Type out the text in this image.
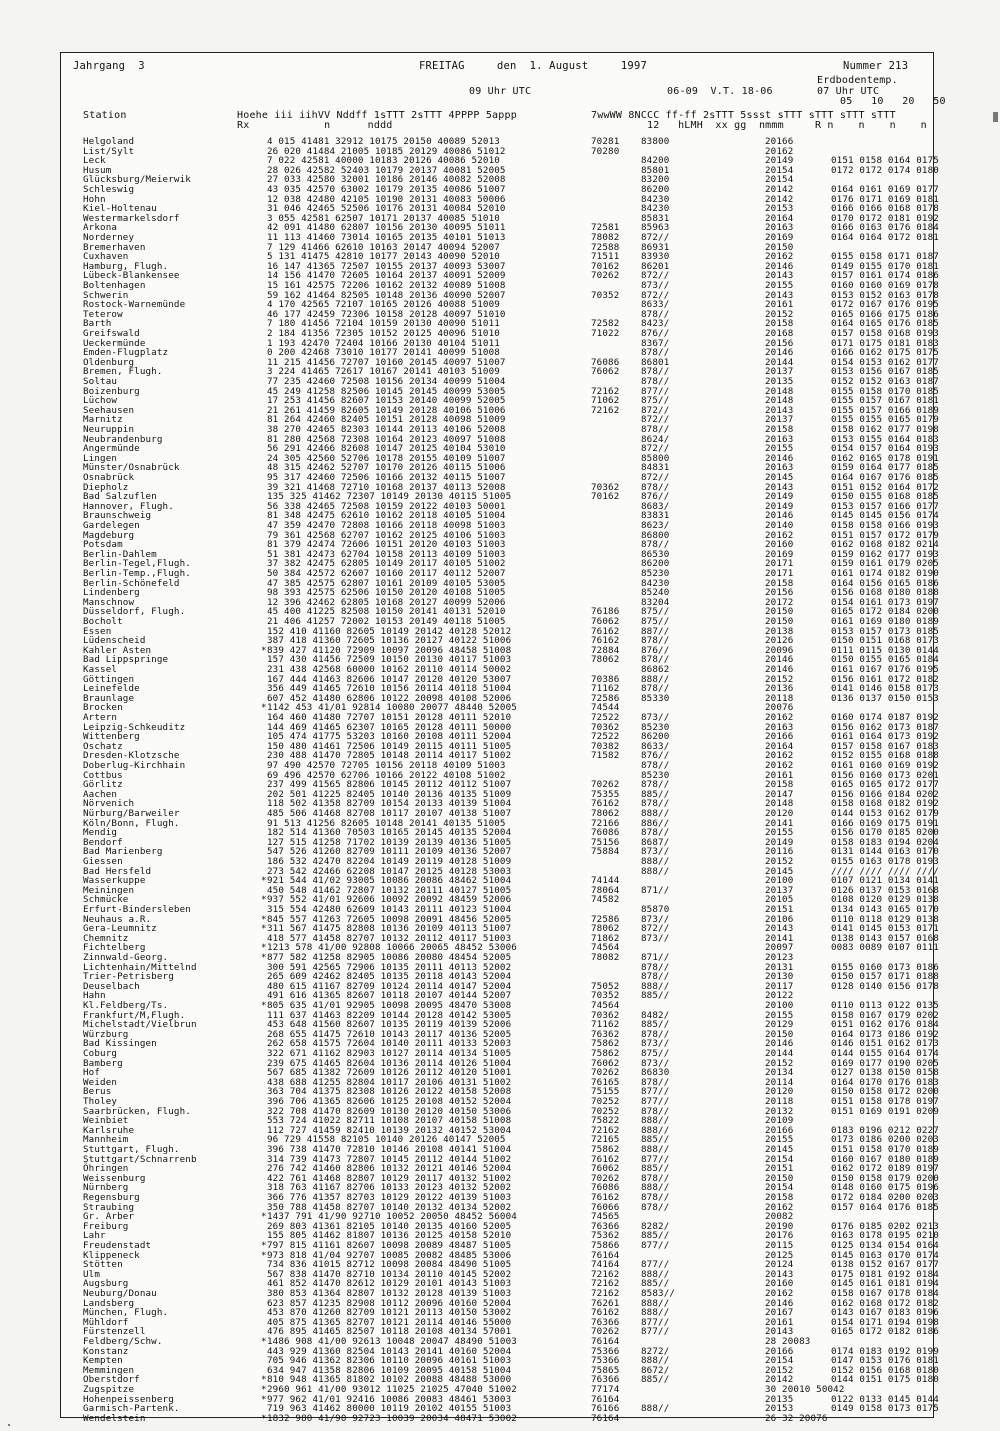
Jahrgang  3	FREITAG	den  1. August     1997	Nummer 213
Erdbodentemp.
09 Uhr UTC	06-09  V.T. 18-06	07 Uhr UTC
05   10   20   50
Station	Hoehe iii iihVV Nddff 1sTTT 2sTTT 4PPPP 5appp
Rx            n      nddd
7wwWW 8NCCC ff-ff 2sTTT 5ssst sTTT sTTT sTTT sTTT
12   hLMH  xx gg  nmmm     R n    n    n    n
Helgoland	4 015 41481 32912 10175 20150 40089 52013	70281 83800	20166
List/Sylt	26 020 41484 21005 10185 20129 40086 51012	70280	20162
Leck	7 022 42581 40000 10183 20126 40086 52010	84200	20149	0151 0158 0164 0175
Husum	28 026 42582 52403 10179 20137 40081 52005	85801	20154	0172 0172 0174 0180
Glücksburg/Meierwik	27 033 42580 32001 10186 20146 40082 52008	83200	20154
Schleswig	43 035 42570 63002 10179 20135 40086 51007	86200	20142	0164 0161 0169 0177
Hohn	12 038 42480 42105 10190 20131 40083 50006	84230	20142	0176 0171 0169 0181
Kiel-Holtenau	31 046 42465 52506 10176 20131 40084 52010	84230	20153	0166 0166 0168 0178
Westermarkelsdorf	3 055 42581 62507 10171 20137 40085 51010	85831	20164	0170 0172 0181 0192
Arkona	42 091 41480 62807 10156 20130 40095 51011	72581 85963	20163	0166 0163 0176 0184
Norderney	11 113 41460 73014 10165 20135 40101 51013	78082 872//	20169	0164 0164 0172 0181
Bremerhaven	7 129 41466 62610 10163 20147 40094 52007	72588 86931	20150
Cuxhaven	5 131 41475 42810 10177 20143 40090 52010	71511 83930	20162	0155 0158 0171 0187
Hamburg, Flugh.	16 147 41365 72507 10155 20137 40093 53007	70162 86201	20146	0149 0155 0170 0181
Lübeck-Blankensee	14 156 41470 72605 10164 20137 40091 52009	70262 872//	20143	0157 0161 0174 0186
Boltenhagen	15 161 42575 72206 10162 20132 40089 51008	873//	20155	0160 0160 0169 0178
Schwerin	59 162 41464 82505 10148 20136 40090 52007	70352 872//	20143	0153 0152 0163 0178
Rostock-Warnemünde	4 170 42565 72107 10165 20126 40088 51009	8633/	20161	0172 0167 0176 0195
Teterow	46 177 42459 72306 10158 20128 40097 51010	878//	20152	0165 0166 0175 0186
Barth	7 180 41456 72104 10159 20130 40090 51011	72582 8423/	20158	0164 0165 0176 0185
Greifswald	2 184 41356 72305 10152 20125 40096 51010	71022 876//	20168	0157 0158 0168 0193
Ueckermünde	1 193 42470 72404 10166 20130 40104 51011	8367/	20156	0171 0175 0181 0183
Emden-Flugplatz	0 200 42468 73010 10177 20141 40099 51008	878//	20146	0166 0162 0175 0175
Oldenburg	11 215 41456 72707 10160 20145 40097 51007	76086 86801	20144	0154 0153 0162 0177
Bremen, Flugh.	3 224 41465 72617 10167 20141 40103 51009	76062 878//	20137	0153 0156 0167 0185
Soltau	77 235 42460 72508 10156 20134 40099 51004	878//	20135	0152 0152 0163 0187
Boizenburg	45 249 41258 82506 10145 20145 40099 53005	72162 877//	20148	0155 0158 0170 0185
Lüchow	17 253 41456 82607 10153 20140 40099 52005	71062 875//	20148	0155 0157 0167 0181
Seehausen	21 261 41459 82605 10149 20128 40106 51006	72162 872//	20143	0155 0157 0166 0189
Marnitz	81 264 42460 82405 10151 20128 40098 51009	872//	20137	0155 0155 0165 0179
Neuruppin	38 270 42465 82303 10144 20113 40106 52008	878//	20158	0158 0162 0177 0198
Neubrandenburg	81 280 42568 72308 10164 20123 40097 51008	8624/	20163	0153 0155 0164 0183
Angermünde	56 291 42466 82608 10147 20125 40104 53010	872//	20155	0154 0157 0164 0193
Lingen	24 305 42560 52706 10178 20155 40109 51007	85800	20146	0162 0165 0178 0191
Münster/Osnabrück	48 315 42462 52707 10170 20126 40115 51006	84831	20163	0159 0164 0177 0185
Osnabrück	95 317 42460 72506 10166 20132 40115 51007	872//	20145	0164 0167 0176 0185
Diepholz	39 321 41468 72710 10168 20137 40113 52008	70362 878//	20143	0151 0152 0164 0172
Bad Salzuflen	135 325 41462 72307 10149 20130 40115 51005	70162 876//	20149	0150 0155 0168 0185
Hannover, Flugh.	56 338 42465 72508 10159 20122 40103 50001	8683/	20149	0153 0157 0166 0177
Braunschweig	81 348 42475 62610 10162 20118 40105 51004	83831	20146	0145 0145 0156 0174
Gardelegen	47 359 42470 72808 10166 20118 40098 51003	8623/	20140	0158 0158 0166 0193
Magdeburg	79 361 42568 62707 10162 20125 40106 51003	86800	20162	0151 0157 0172 0179
Potsdam	81 379 42474 72606 10151 20120 40103 51003	878//	20160	0162 0168 0182 0214
Berlin-Dahlem	51 381 42473 62704 10158 20113 40109 51003	86530	20169	0159 0162 0177 0193
Berlin-Tegel,Flugh.	37 382 42475 62805 10149 20117 40105 51002	86200	20171	0159 0161 0179 0205
Berlin-Temp.,Flugh.	50 384 42572 62607 10160 20117 40112 52007	85230	20171	0161 0174 0182 0190
Berlin-Schönefeld	47 385 42575 62807 10161 20109 40105 53005	84230	20158	0164 0156 0165 0186
Lindenberg	98 393 42575 62506 10150 20120 40108 51005	85240	20156	0156 0168 0180 0188
Manschnow	12 396 42462 62805 10168 20127 40099 52006	83204	20172	0154 0161 0173 0197
Düsseldorf, Flugh.	45 400 41225 82508 10150 20141 40131 52010	76186 875//	20150	0165 0172 0184 0200
Bocholt	21 406 41257 72002 10153 20149 40118 51005	76062 875//	20150	0161 0169 0180 0189
Essen	152 410 41160 82605 10149 20142 40128 52012	76162 887//	20138	0153 0157 0173 0185
Lüdenscheid	387 418 41360 72605 10136 20127 40122 51006	76162 878//	20126	0150 0151 0168 0173
Kahler Asten	* 839 427 41120 72909 10097 20096 48458 51008	72884 876//	20096	0111 0115 0130 0144
Bad Lippspringe	157 430 41456 72509 10150 20130 40117 51003	78062 878//	20146	0150 0155 0165 0184
Kassel	231 438 42568 60000 10162 20110 40114 50002	86862	20146	0161 0167 0176 0195
Göttingen	167 444 41463 82606 10147 20120 40120 53007	70386 888//	20152	0156 0161 0172 0182
Leinefelde	356 449 41465 72610 10156 20114 40118 51004	71162 878//	20136	0141 0146 0158 0173
Braunlage	607 452 41480 62806 10122 20098 40108 52006	72586 85330	20118	0136 0137 0150 0153
Brocken	* 1142 453 41/01 92814 10080 20077 48440 52005	74544	20076
Artern	164 460 41480 72707 10151 20128 40111 52010	72522 873//	20162	0160 0174 0187 0192
Leipzig-Schkeuditz	144 469 41465 62307 10165 20128 40111 50000	70362 85230	20163	0156 0162 0173 0187
Wittenberg	105 474 41775 53203 10160 20108 40111 52004	72522 86200	20166	0161 0164 0173 0192
Oschatz	150 480 41461 72506 10149 20115 40111 51005	70382 8633/	20164	0157 0158 0167 0183
Dresden-Klotzsche	230 488 41470 72805 10148 20114 40117 51002	71582 876//	20162	0152 0155 0168 0188
Doberlug-Kirchhain	97 490 42570 72705 10156 20118 40109 51003	878//	20162	0161 0160 0169 0192
Cottbus	69 496 42570 62706 10166 20122 40108 51002	85230	20161	0156 0160 0173 0201
Görlitz	237 499 41565 82806 10145 20112 40112 51007	70262 878//	20158	0165 0165 0172 0177
Aachen	202 501 41225 82405 10140 20136 40135 51009	75355 885//	20147	0156 0166 0184 0202
Nörvenich	118 502 41358 82709 10154 20133 40139 51004	76162 878//	20148	0158 0168 0182 0192
Nürburg/Barweiler	485 506 41468 82708 10117 20107 40138 51007	78062 888//	20120	0144 0153 0162 0179
Köln/Bonn, Flugh.	91 513 41256 82605 10148 20141 40135 51005	72166 886//	20141	0166 0169 0175 0191
Mendig	182 514 41360 70503 10165 20145 40135 52004	76086 878//	20155	0156 0170 0185 0200
Bendorf	127 515 41258 71702 10139 20139 40136 51005	75156 8687/	20149	0158 0183 0194 0204
Bad Marienberg	547 526 41260 82709 10111 20109 40136 52007	75884 873//	20116	0131 0144 0163 0170
Giessen	186 532 42470 82204 10149 20119 40128 51009	888//	20152	0155 0163 0178 0193
Bad Hersfeld	273 542 42466 62208 10147 20125 40128 53003	888//	20145	//// //// //// ////
Wasserkuppe	* 921 544 41/02 93005 10086 20086 48462 51004	74144	20100	0107 0121 0134 0141
Meiningen	450 548 41462 72807 10132 20111 40127 51005	78064 871//	20137	0126 0137 0153 0168
Schmücke	* 937 552 41/01 92606 10092 20092 48459 52006	74582	20105	0108 0120 0129 0138
Erfurt-Bindersleben	315 554 42480 62609 10143 20111 40123 51004	85870	20151	0134 0143 0165 0170
Neuhaus a.R.	* 845 557 41263 72605 10098 20091 48456 52005	72586 873//	20106	0110 0118 0129 0138
Gera-Leumnitz	* 311 567 41475 82808 10136 20109 40113 51007	78062 872//	20143	0141 0145 0153 0171
Chemnitz	418 577 41458 82707 10132 20112 40117 51003	71862 873//	20141	0138 0143 0157 0168
Fichtelberg	* 1213 578 41/00 92808 10066 20065 48452 53006	74564	20097	0083 0089 0107 0111
Zinnwald-Georg.	* 877 582 41258 82905 10086 20080 48454 52005	78082 871//	20123
Lichtenhain/Mittelnd	300 591 42565 72906 10135 20111 40113 52002	878//	20131	0155 0160 0173 0186
Trier-Petrisberg	265 609 42462 82405 10135 20118 40143 52004	878//	20130	0150 0157 0171 0188
Deuselbach	480 615 41167 82709 10124 20114 40147 52004	75052 888//	20117	0128 0140 0156 0178
Hahn	491 616 41365 82607 10118 20107 40144 52007	70352 885//	20122
Kl.Feldberg/Ts.	* 805 635 41/01 92905 10098 20095 48470 53008	74564	20100	0110 0113 0122 0135
Frankfurt/M,Flugh.	111 637 41463 82209 10144 20128 40142 53005	70362 8482/	20155	0158 0167 0179 0202
Michelstadt/Vielbrun	453 648 41560 82607 10135 20119 40139 52006	71162 885//	20129	0151 0162 0176 0184
Würzburg	268 655 41475 72610 10143 20117 40136 52005	76362 878//	20150	0164 0173 0186 0192
Bad Kissingen	262 658 41575 72604 10140 20111 40133 52003	75862 873//	20146	0146 0151 0162 0173
Coburg	322 671 41162 82903 10127 20114 40134 51005	75862 875//	20144	0144 0155 0164 0174
Bamberg	239 675 41465 82604 10136 20114 40126 51004	76062 873//	20152	0169 0177 0190 0205
Hof	567 685 41382 72609 10126 20112 40120 51001	70262 86830	20134	0127 0138 0150 0158
Weiden	438 688 41255 82804 10117 20106 40131 51002	76165 878//	20114	0164 0170 0176 0183
Berus	363 704 41375 82308 10126 20122 40158 52008	75155 877//	20120	0150 0158 0172 0200
Tholey	396 706 41365 82606 10125 20108 40152 52004	70252 877//	20118	0151 0158 0178 0197
Saarbrücken, Flugh.	322 708 41470 82609 10130 20120 40150 53006	70252 878//	20132	0151 0169 0191 0209
Weinbiet	553 724 41022 82711 10108 20107 40158 51008	75822 888//	20109
Karlsruhe	112 727 41459 82410 10139 20132 40152 53004	72162 888//	20166	0183 0196 0212 0227
Mannheim	96 729 41558 82105 10140 20126 40147 52005	72165 885//	20155	0173 0186 0200 0203
Stuttgart, Flugh.	396 738 41470 72810 10146 20108 40141 51004	75862 888//	20145	0151 0158 0170 0189
Stuttgart/Schnarrenb	314 739 41473 72807 10145 20112 40144 51002	76162 877//	20154	0160 0167 0180 0189
Öhringen	276 742 41460 82806 10132 20121 40146 52004	76062 885//	20151	0162 0172 0189 0197
Weissenburg	422 761 41468 82807 10129 20117 40132 51002	70262 878//	20150	0150 0158 0179 0200
Nürnberg	318 763 41167 82706 10133 20123 40132 52002	76086 888//	20154	0148 0160 0175 0196
Regensburg	366 776 41357 82703 10129 20122 40139 51003	76162 878//	20158	0172 0184 0200 0203
Straubing	350 788 41458 82707 10140 20132 40134 52002	76066 878//	20162	0157 0164 0176 0185
Gr. Arber	* 1437 791 41/90 92710 10052 20050 48452 56004	74565	20082
Freiburg	269 803 41361 82105 10140 20135 40160 52005	76366 8282/	20190	0176 0185 0202 0213
Lahr	155 805 41462 81807 10136 20125 40158 52010	75362 885//	20176	0163 0178 0195 0210
Freudenstadt	* 797 815 41161 82607 10098 20089 48487 51005	75866 877//	20115	0125 0134 0154 0164
Klippeneck	* 973 818 41/04 92707 10085 20082 48485 53006	76164	20125	0145 0163 0170 0174
Stötten	734 836 41015 82712 10098 20084 48490 51005	74164 877//	20124	0138 0152 0167 0177
Ulm	567 838 41470 82710 10134 20110 40145 52002	72162 888//	20143	0175 0181 0192 0184
Augsburg	461 852 41470 82612 10129 20101 40143 51003	72162 885//	20160	0145 0161 0181 0194
Neuburg/Donau	380 853 41364 82807 10132 20128 40139 51003	72162 8583//	20162	0158 0167 0178 0184
Landsberg	623 857 41235 82908 10112 20096 40160 52004	76261 888//	20146	0162 0168 0172 0182
München, Flugh.	453 870 41260 82709 10121 20113 40150 53002	76162 888//	20167	0143 0167 0183 0196
Mühldorf	405 875 41365 82707 10121 20114 40146 55000	76366 877//	20161	0154 0171 0194 0198
Fürstenzell	476 895 41465 82507 10118 20108 40134 57001	70262 877//	20143	0165 0172 0182 0186
Feldberg/Schw.	* 1486 908 41/00 92613 10048 20047 48490 51003	76164	28 20083
Konstanz	443 929 41360 82504 10143 20141 40160 52004	75366 8272/	20166	0174 0183 0192 0199
Kempten	705 946 41362 82306 10110 20096 40161 51003	75366 888//	20154	0147 0153 0176 0181
Memmingen	634 947 41358 82806 10109 20095 40158 51004	75865 8672/	20152	0152 0156 0168 0180
Oberstdorf	* 810 948 41365 81802 10102 20088 48488 53000	76366 885//	20142	0144 0151 0175 0180
Zugspitze	* 2960 961 41/00 93012 11025 21025 47040 51002	77174	30 20010 50042
Hohenpeissenberg	* 977 962 41/01 92416 10086 20083 48461 53003	76164	20135	0122 0133 0145 0144
Garmisch-Partenk.	719 963 41462 80000 10119 20102 40155 51003	76166 888//	20153	0149 0158 0173 0175
Wendelstein	* 1832 980 41/90 92723 10039 20034 48471 53002	76164	26 32 20076
